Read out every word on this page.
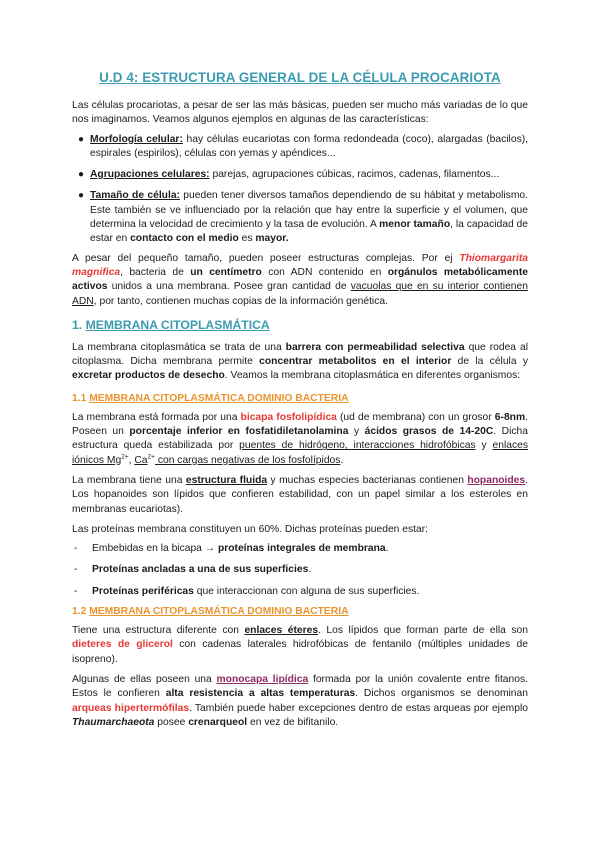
U.D 4: ESTRUCTURA GENERAL DE LA CÉLULA PROCARIOTA

Las células procariotas, a pesar de ser las más básicas, pueden ser mucho más variadas de lo que nos imaginamos. Veamos algunos ejemplos en algunas de las características:

● Morfología celular: hay células eucariotas con forma redondeada (coco), alargadas (bacilos), espirales (espirilos), células con yemas y apéndices...
● Agrupaciones celulares: parejas, agrupaciones cúbicas, racimos, cadenas, filamentos...
● Tamaño de célula: pueden tener diversos tamaños dependiendo de su hábitat y metabolismo. Este también se ve influenciado por la relación que hay entre la superficie y el volumen, que determina la velocidad de crecimiento y la tasa de evolución. A menor tamaño, la capacidad de estar en contacto con el medio es mayor.

A pesar del pequeño tamaño, pueden poseer estructuras complejas. Por ej Thiomargarita magnifica, bacteria de un centímetro con ADN contenido en orgánulos metabólicamente activos unidos a una membrana. Posee gran cantidad de vacuolas que en su interior contienen ADN, por tanto, contienen muchas copias de la información genética.

1. MEMBRANA CITOPLASMÁTICA

La membrana citoplasmática se trata de una barrera con permeabilidad selectiva que rodea al citoplasma. Dicha membrana permite concentrar metabolitos en el interior de la célula y excretar productos de desecho. Veamos la membrana citoplasmática en diferentes organismos:

1.1 MEMBRANA CITOPLASMÁTICA DOMINIO BACTERIA

La membrana está formada por una bicapa fosfolipídica (ud de membrana) con un grosor 6-8nm. Poseen un porcentaje inferior en fosfatidiletanolamina y ácidos grasos de 14-20C. Dicha estructura queda estabilizada por puentes de hidrógeno, interacciones hidrofóbicas y enlaces iónicos $Mg^{2+}$, $Ca^{2+}$ con cargas negativas de los fosfolípidos.

La membrana tiene una estructura fluida y muchas especies bacterianas contienen hopanoides. Los hopanoides son lípidos que confieren estabilidad, con un papel similar a los esteroles en membranas eucariotas).

Las proteínas membrana constituyen un 60%. Dichas proteínas pueden estar:

- Embebidas en la bicapa → proteínas integrales de membrana.
- Proteínas ancladas a una de sus superficies.
- Proteínas periféricas que interaccionan con alguna de sus superficies.
1.2 MEMBRANA CITOPLASMÁTICA DOMINIO BACTERIA

Tiene una estructura diferente con enlaces éteres. Los lípidos que forman parte de ella son dieteres de glicerol con cadenas laterales hidrofóbicas de fentanilo (múltiples unidades de isopreno).

Algunas de ellas poseen una monocapa lipídica formada por la unión covalente entre fitanos. Estos le confieren alta resistencia a altas temperaturas. Dichos organismos se denominan arqueas hipertermófilas. También puede haber excepciones dentro de estas arqueas por ejemplo Thaumarchaeota posee crenarqueol en vez de bifitanilo.
